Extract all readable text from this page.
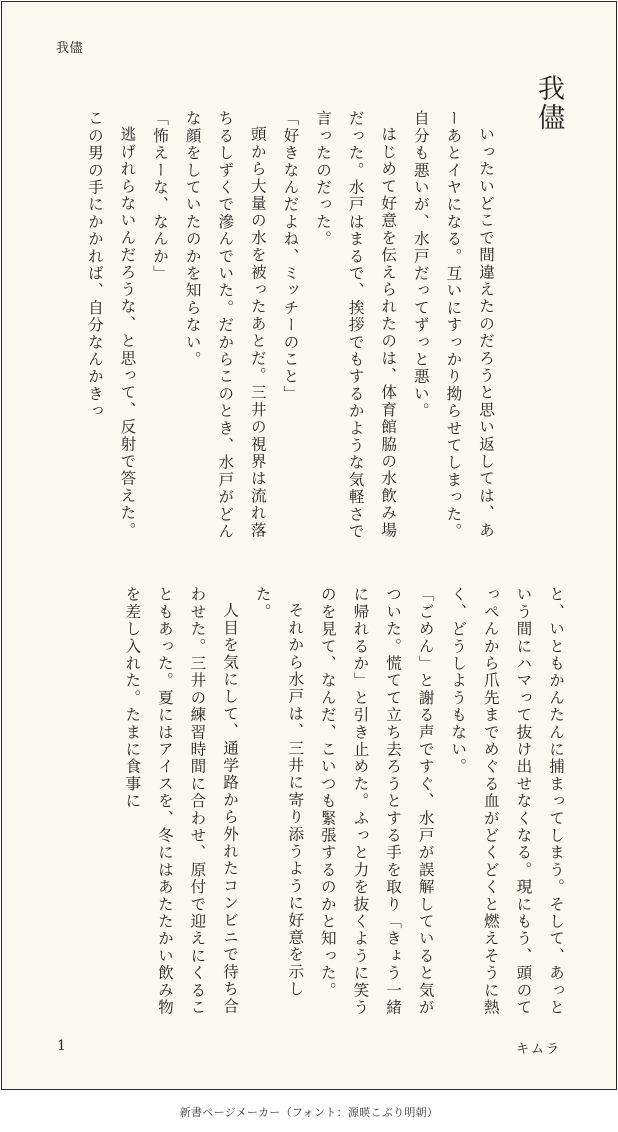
我儘
我儘

いったいどこで間違えたのだろうと思い返しては、あーあとイヤになる。互いにすっかり拗らせてしまった。自分も悪いが、水戸だってずっと悪い。

はじめて好意を伝えられたのは、体育館脇の水飲み場だった。水戸はまるで、挨拶でもするかような気軽さで言ったのだった。

「好きなんだよね、ミッチーのこと」

頭から大量の水を被ったあとだ。三井の視界は流れ落ちるしずくで滲んでいた。だからこのとき、水戸がどんな顔をしていたのかを知らない。

「怖えーな、なんか」

逃げれらないんだろうな、と思って、反射で答えた。この男の手にかかれば、自分なんかきっ

と、いともかんたんに捕まってしまう。そして、あっという間にハマって抜け出せなくなる。現にもう、頭のてっぺんから爪先までめぐる血がどくどくと燃えそうに熱く、どうしようもない。

「ごめん」と謝る声ですぐ、水戸が誤解していると気がついた。慌てて立ち去ろうとする手を取り「きょう一緒に帰れるか」と引き止めた。ふっと力を抜くように笑うのを見て、なんだ、こいつも緊張するのかと知った。

それから水戸は、三井に寄り添うように好意を示した。

人目を気にして、通学路から外れたコンビニで待ち合わせた。三井の練習時間に合わせ、原付で迎えにくることもあった。夏にはアイスを、冬にはあたたかい飲み物を差し入れた。たまに食事に

1	キムラ
新書ページメーカー（フォント：源暎こぶり明朝）
